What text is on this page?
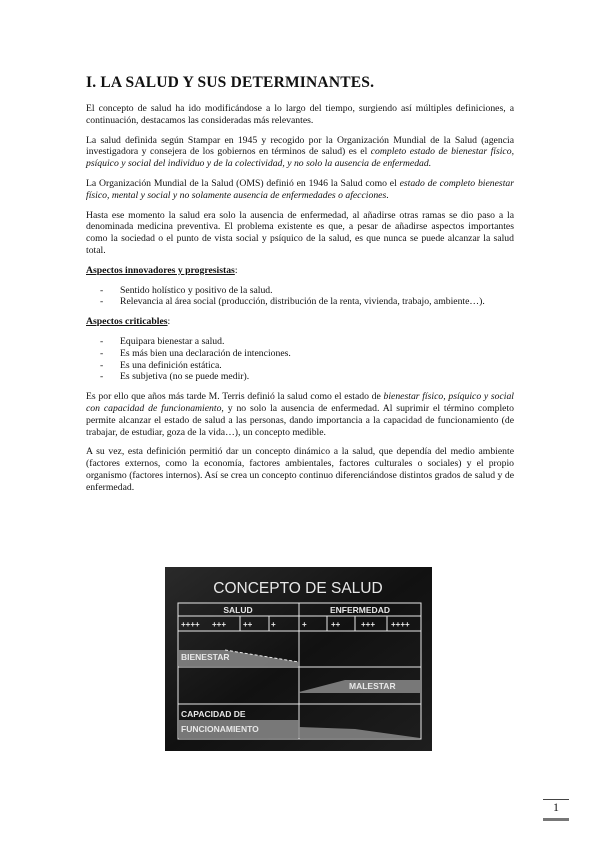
I. LA SALUD Y SUS DETERMINANTES.

El concepto de salud ha ido modificándose a lo largo del tiempo, surgiendo así múltiples definiciones, a continuación, destacamos las consideradas más relevantes.

La salud definida según Stampar en 1945 y recogido por la Organización Mundial de la Salud (agencia investigadora y consejera de los gobiernos en términos de salud) es el completo estado de bienestar físico, psíquico y social del individuo y de la colectividad, y no solo la ausencia de enfermedad.

La Organización Mundial de la Salud (OMS) definió en 1946 la Salud como el estado de completo bienestar físico, mental y social y no solamente ausencia de enfermedades o afecciones.

Hasta ese momento la salud era solo la ausencia de enfermedad, al añadirse otras ramas se dio paso a la denominada medicina preventiva. El problema existente es que, a pesar de añadirse aspectos importantes como la sociedad o el punto de vista social y psíquico de la salud, es que nunca se puede alcanzar la salud total.

Aspectos innovadores y progresistas:

- Sentido holístico y positivo de la salud.
- Relevancia al área social (producción, distribución de la renta, vivienda, trabajo, ambiente…).

Aspectos criticables:

- Equipara bienestar a salud.
- Es más bien una declaración de intenciones.
- Es una definición estática.
- Es subjetiva (no se puede medir).

Es por ello que años más tarde M. Terris definió la salud como el estado de bienestar físico, psíquico y social con capacidad de funcionamiento, y no solo la ausencia de enfermedad. Al suprimir el término completo permite alcanzar el estado de salud a las personas, dando importancia a la capacidad de funcionamiento (de trabajar, de estudiar, goza de la vida…), un concepto medible.

A su vez, esta definición permitió dar un concepto dinámico a la salud, que dependía del medio ambiente (factores externos, como la economía, factores ambientales, factores culturales o sociales) y el propio organismo (factores internos). Así se crea un concepto continuo diferenciándose distintos grados de salud y de enfermedad.

CONCEPTO DE SALUD
SALUD	ENFERMEDAD
++++ +++ ++ +	+	++	+++ ++++
BIENESTAR
MALESTAR
CAPACIDAD DE
FUNCIONAMIENTO
1
